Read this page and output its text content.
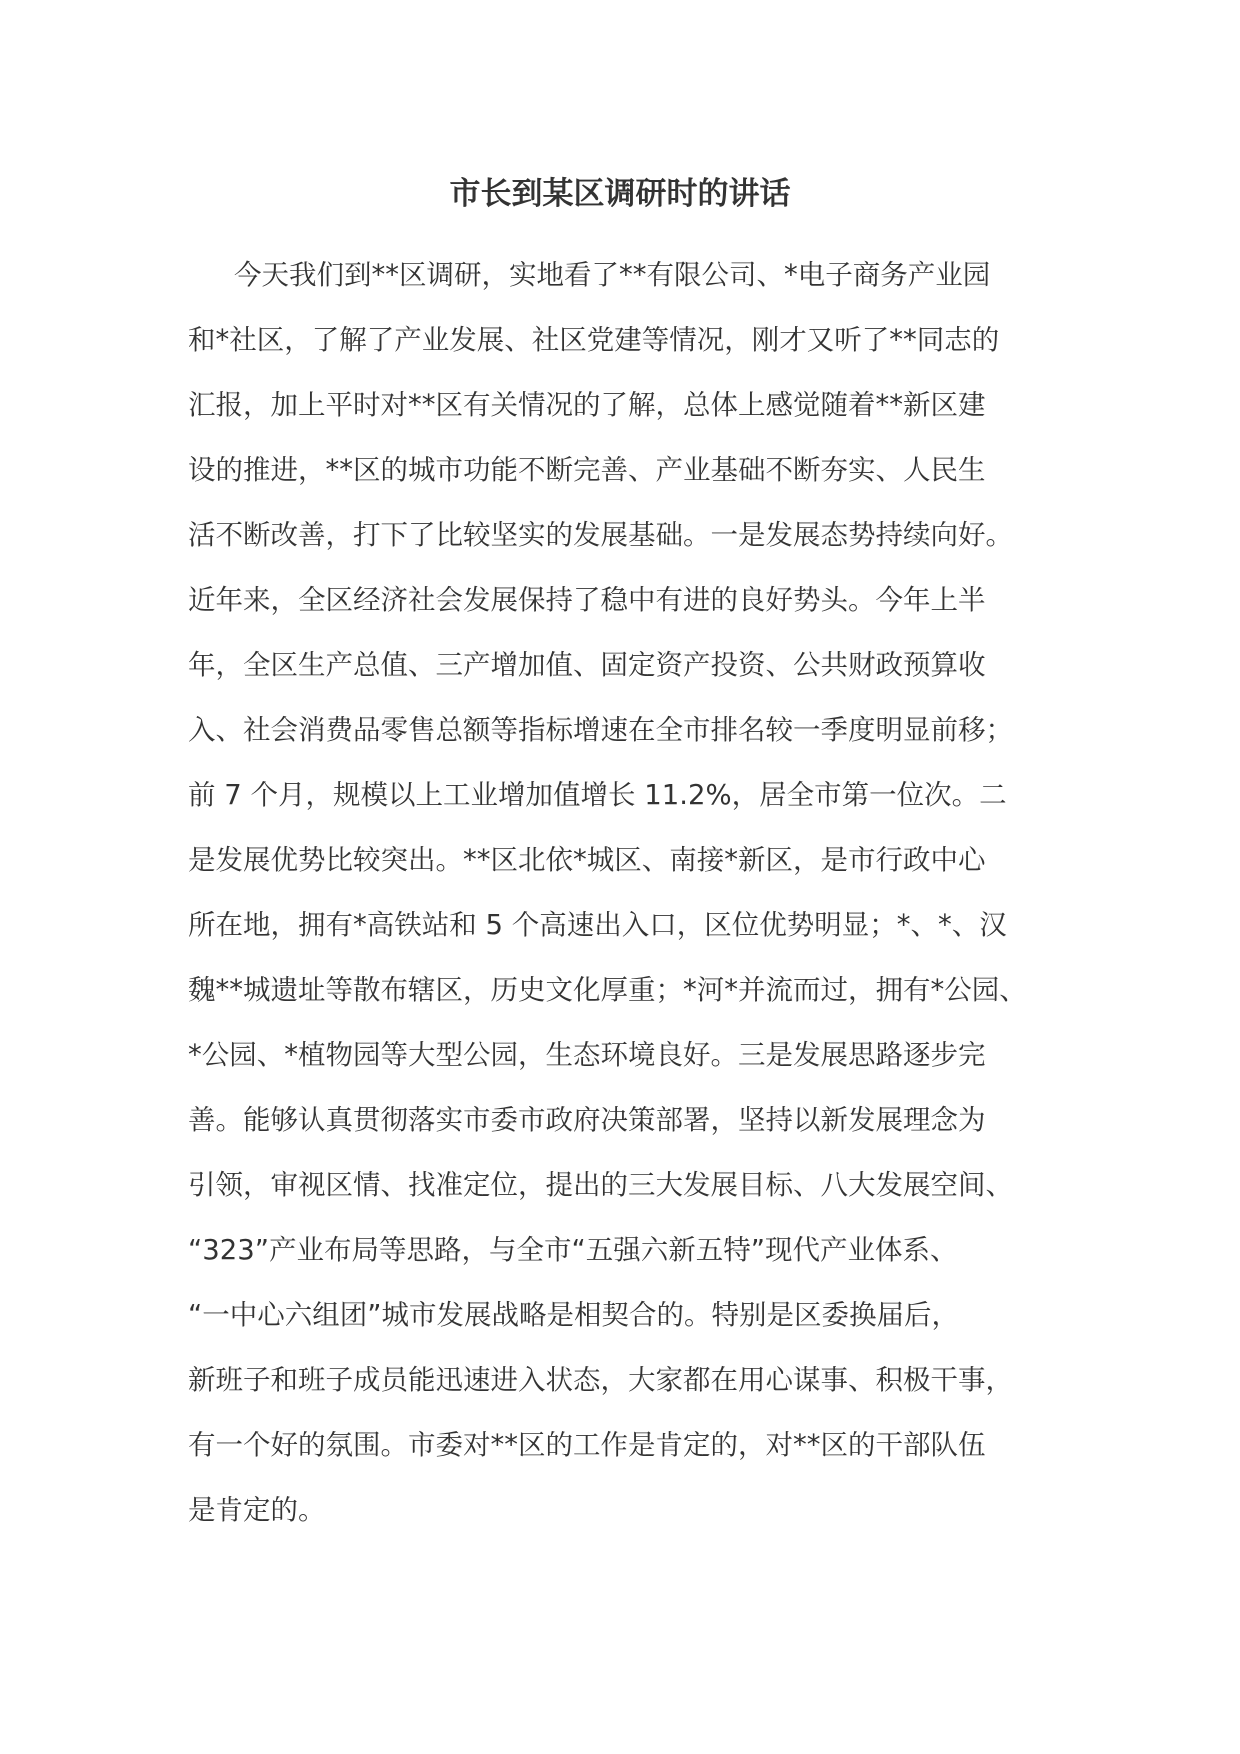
市长到某区调研时的讲话
今天我们到**区调研，实地看了**有限公司、*电子商务产业园
和*社区，了解了产业发展、社区党建等情况，刚才又听了**同志的
汇报，加上平时对**区有关情况的了解，总体上感觉随着**新区建
设的推进，**区的城市功能不断完善、产业基础不断夯实、人民生
活不断改善，打下了比较坚实的发展基础。一是发展态势持续向好。
近年来，全区经济社会发展保持了稳中有进的良好势头。今年上半
年，全区生产总值、三产增加值、固定资产投资、公共财政预算收
入、社会消费品零售总额等指标增速在全市排名较一季度明显前移；
前 7 个月，规模以上工业增加值增长 11.2%，居全市第一位次。二
是发展优势比较突出。**区北依*城区、南接*新区，是市行政中心
所在地，拥有*高铁站和 5 个高速出入口，区位优势明显；*、*、汉
魏**城遗址等散布辖区，历史文化厚重；*河*并流而过，拥有*公园、
*公园、*植物园等大型公园，生态环境良好。三是发展思路逐步完
善。能够认真贯彻落实市委市政府决策部署，坚持以新发展理念为
引领，审视区情、找准定位，提出的三大发展目标、八大发展空间、
“323”产业布局等思路，与全市“五强六新五特”现代产业体系、
“一中心六组团”城市发展战略是相契合的。特别是区委换届后，
新班子和班子成员能迅速进入状态，大家都在用心谋事、积极干事，
有一个好的氛围。市委对**区的工作是肯定的，对**区的干部队伍
是肯定的。
